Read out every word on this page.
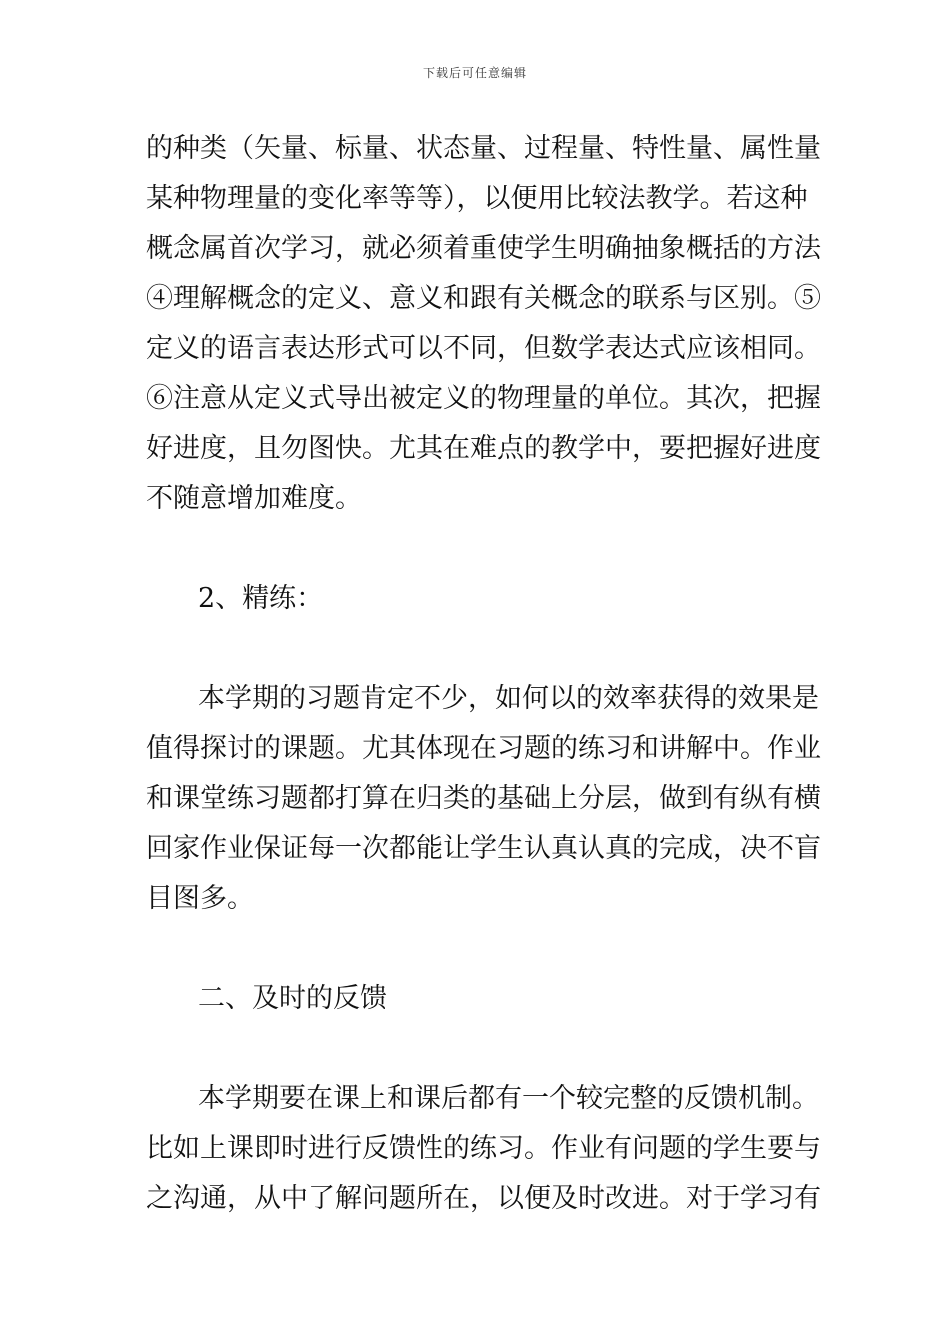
下载后可任意编辑
的种类（矢量、标量、状态量、过程量、特性量、属性量
某种物理量的变化率等等），以便用比较法教学。若这种
概念属首次学习，就必须着重使学生明确抽象概括的方法
④理解概念的定义、意义和跟有关概念的联系与区别。⑤
定义的语言表达形式可以不同，但数学表达式应该相同。
⑥注意从定义式导出被定义的物理量的单位。其次，把握
好进度，且勿图快。尤其在难点的教学中，要把握好进度
不随意增加难度。
2、精练：
本学期的习题肯定不少，如何以的效率获得的效果是
值得探讨的课题。尤其体现在习题的练习和讲解中。作业
和课堂练习题都打算在归类的基础上分层，做到有纵有横
回家作业保证每一次都能让学生认真认真的完成，决不盲
目图多。
二、及时的反馈
本学期要在课上和课后都有一个较完整的反馈机制。
比如上课即时进行反馈性的练习。作业有问题的学生要与
之沟通，从中了解问题所在，以便及时改进。对于学习有
